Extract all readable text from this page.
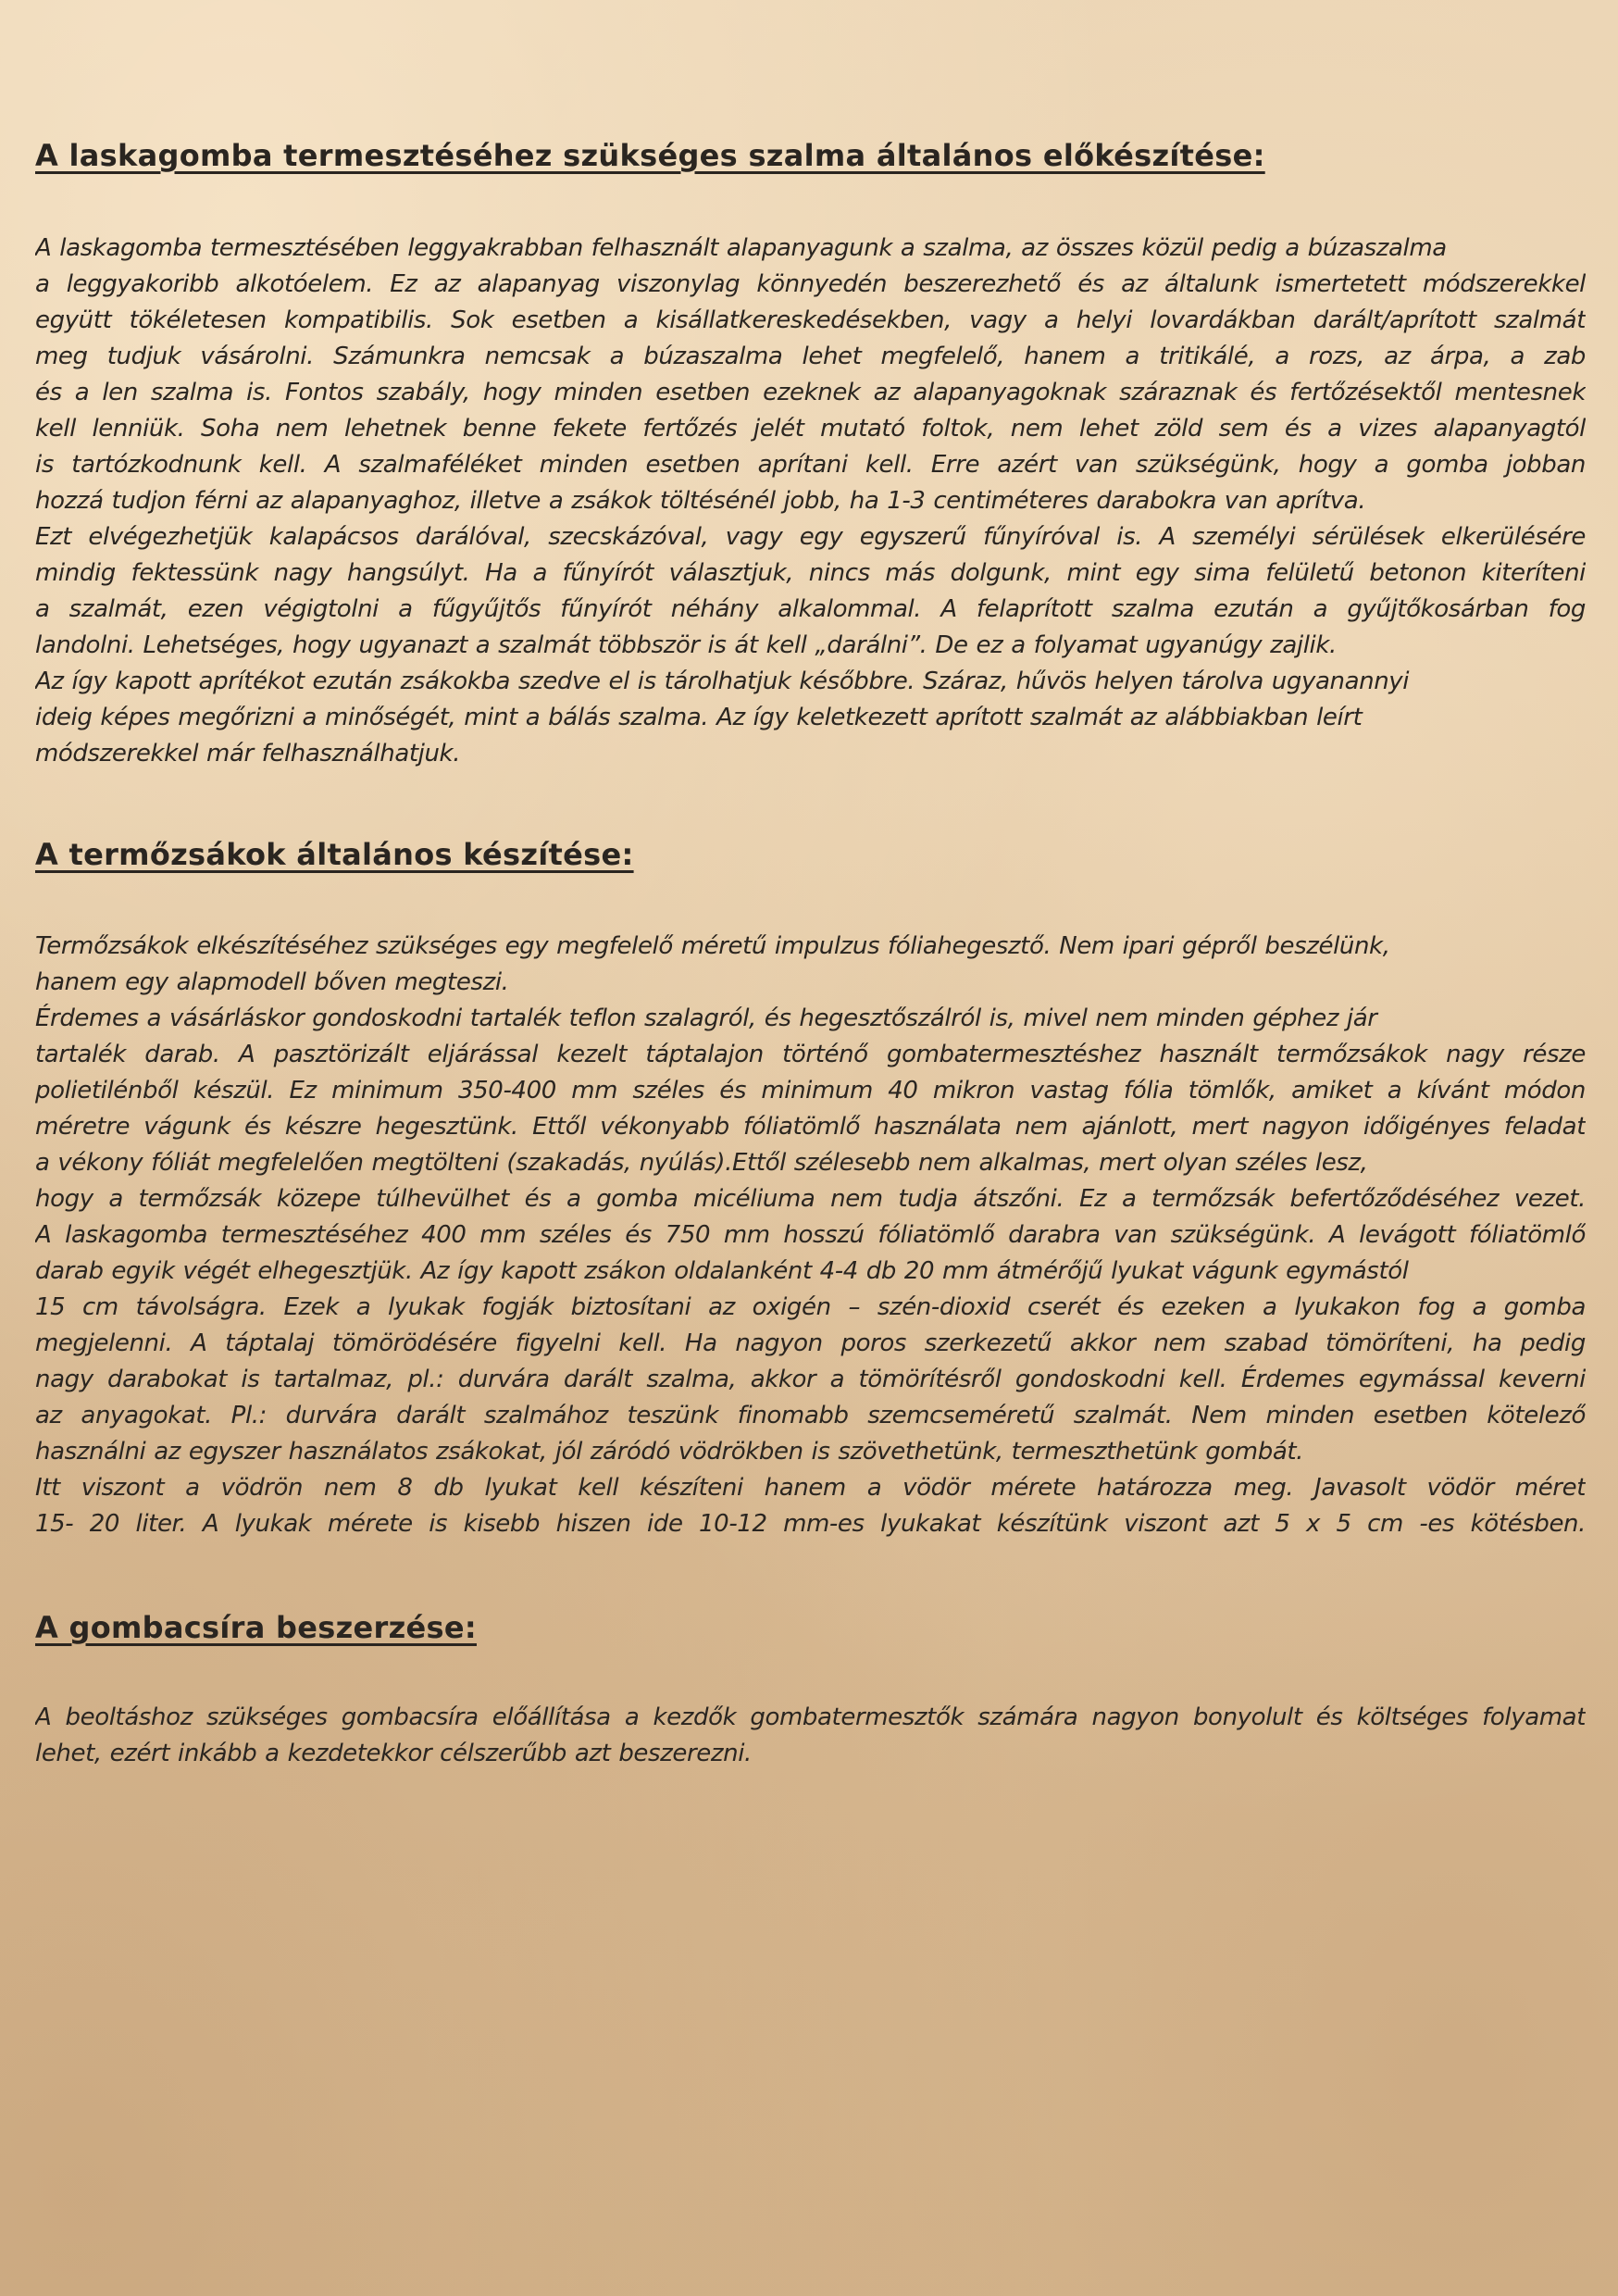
A laskagomba termesztéséhez szükséges szalma általános előkészítése:
A laskagomba termesztésében leggyakrabban felhasznált alapanyagunk a szalma, az összes közül pedig a búzaszalma
a leggyakoribb alkotóelem. Ez az alapanyag viszonylag könnyedén beszerezhető és az általunk ismertetett módszerekkel
együtt tökéletesen kompatibilis. Sok esetben a kisállatkereskedésekben, vagy a helyi lovardákban darált/aprított szalmát
meg tudjuk vásárolni. Számunkra nemcsak a búzaszalma lehet megfelelő, hanem a tritikálé, a rozs, az árpa, a zab
és a len szalma is. Fontos szabály, hogy minden esetben ezeknek az alapanyagoknak száraznak és fertőzésektől mentesnek
kell lenniük. Soha nem lehetnek benne fekete fertőzés jelét mutató foltok, nem lehet zöld sem és a vizes alapanyagtól
is tartózkodnunk kell. A szalmaféléket minden esetben aprítani kell. Erre azért van szükségünk, hogy a gomba jobban
hozzá tudjon férni az alapanyaghoz, illetve a zsákok töltésénél jobb, ha 1-3 centiméteres darabokra van aprítva.
Ezt elvégezhetjük kalapácsos darálóval, szecskázóval, vagy egy egyszerű fűnyíróval is. A személyi sérülések elkerülésére
mindig fektessünk nagy hangsúlyt. Ha a fűnyírót választjuk, nincs más dolgunk, mint egy sima felületű betonon kiteríteni
a szalmát, ezen végigtolni a fűgyűjtős fűnyírót néhány alkalommal. A felaprított szalma ezután a gyűjtőkosárban fog
landolni. Lehetséges, hogy ugyanazt a szalmát többször is át kell „darálni”. De ez a folyamat ugyanúgy zajlik.
Az így kapott aprítékot ezután zsákokba szedve el is tárolhatjuk későbbre. Száraz, hűvös helyen tárolva ugyanannyi
ideig képes megőrizni a minőségét, mint a bálás szalma. Az így keletkezett aprított szalmát az alábbiakban leírt
módszerekkel már felhasználhatjuk.
A termőzsákok általános készítése:
Termőzsákok elkészítéséhez szükséges egy megfelelő méretű impulzus fóliahegesztő. Nem ipari gépről beszélünk,
hanem egy alapmodell bőven megteszi.
Érdemes a vásárláskor gondoskodni tartalék teflon szalagról, és hegesztőszálról is, mivel nem minden géphez jár
tartalék darab. A pasztörizált eljárással kezelt táptalajon történő gombatermesztéshez használt termőzsákok nagy része
polietilénből készül. Ez minimum 350-400 mm széles és minimum 40 mikron vastag fólia tömlők, amiket a kívánt módon
méretre vágunk és készre hegesztünk. Ettől vékonyabb fóliatömlő használata nem ajánlott, mert nagyon időigényes feladat
a vékony fóliát megfelelően megtölteni (szakadás, nyúlás).Ettől szélesebb nem alkalmas, mert olyan széles lesz,
hogy a termőzsák közepe túlhevülhet és a gomba micéliuma nem tudja átszőni. Ez a termőzsák befertőződéséhez vezet.
A laskagomba termesztéséhez 400 mm széles és 750 mm hosszú fóliatömlő darabra van szükségünk. A levágott fóliatömlő
darab egyik végét elhegesztjük. Az így kapott zsákon oldalanként 4-4 db 20 mm átmérőjű lyukat vágunk egymástól
15 cm távolságra. Ezek a lyukak fogják biztosítani az oxigén – szén-dioxid cserét és ezeken a lyukakon fog a gomba
megjelenni. A táptalaj tömörödésére figyelni kell. Ha nagyon poros szerkezetű akkor nem szabad tömöríteni, ha pedig
nagy darabokat is tartalmaz, pl.: durvára darált szalma, akkor a tömörítésről gondoskodni kell. Érdemes egymással keverni
az anyagokat. Pl.: durvára darált szalmához teszünk finomabb szemcseméretű szalmát. Nem minden esetben kötelező
használni az egyszer használatos zsákokat, jól záródó vödrökben is szövethetünk, termeszthetünk gombát.
Itt viszont a vödrön nem 8 db lyukat kell készíteni hanem a vödör mérete határozza meg. Javasolt vödör méret
15- 20 liter. A lyukak mérete is kisebb hiszen ide 10-12 mm-es lyukakat készítünk viszont azt 5 x 5 cm -es kötésben.
A gombacsíra beszerzése:
A beoltáshoz szükséges gombacsíra előállítása a kezdők gombatermesztők számára nagyon bonyolult és költséges folyamat
lehet, ezért inkább a kezdetekkor célszerűbb azt beszerezni.
